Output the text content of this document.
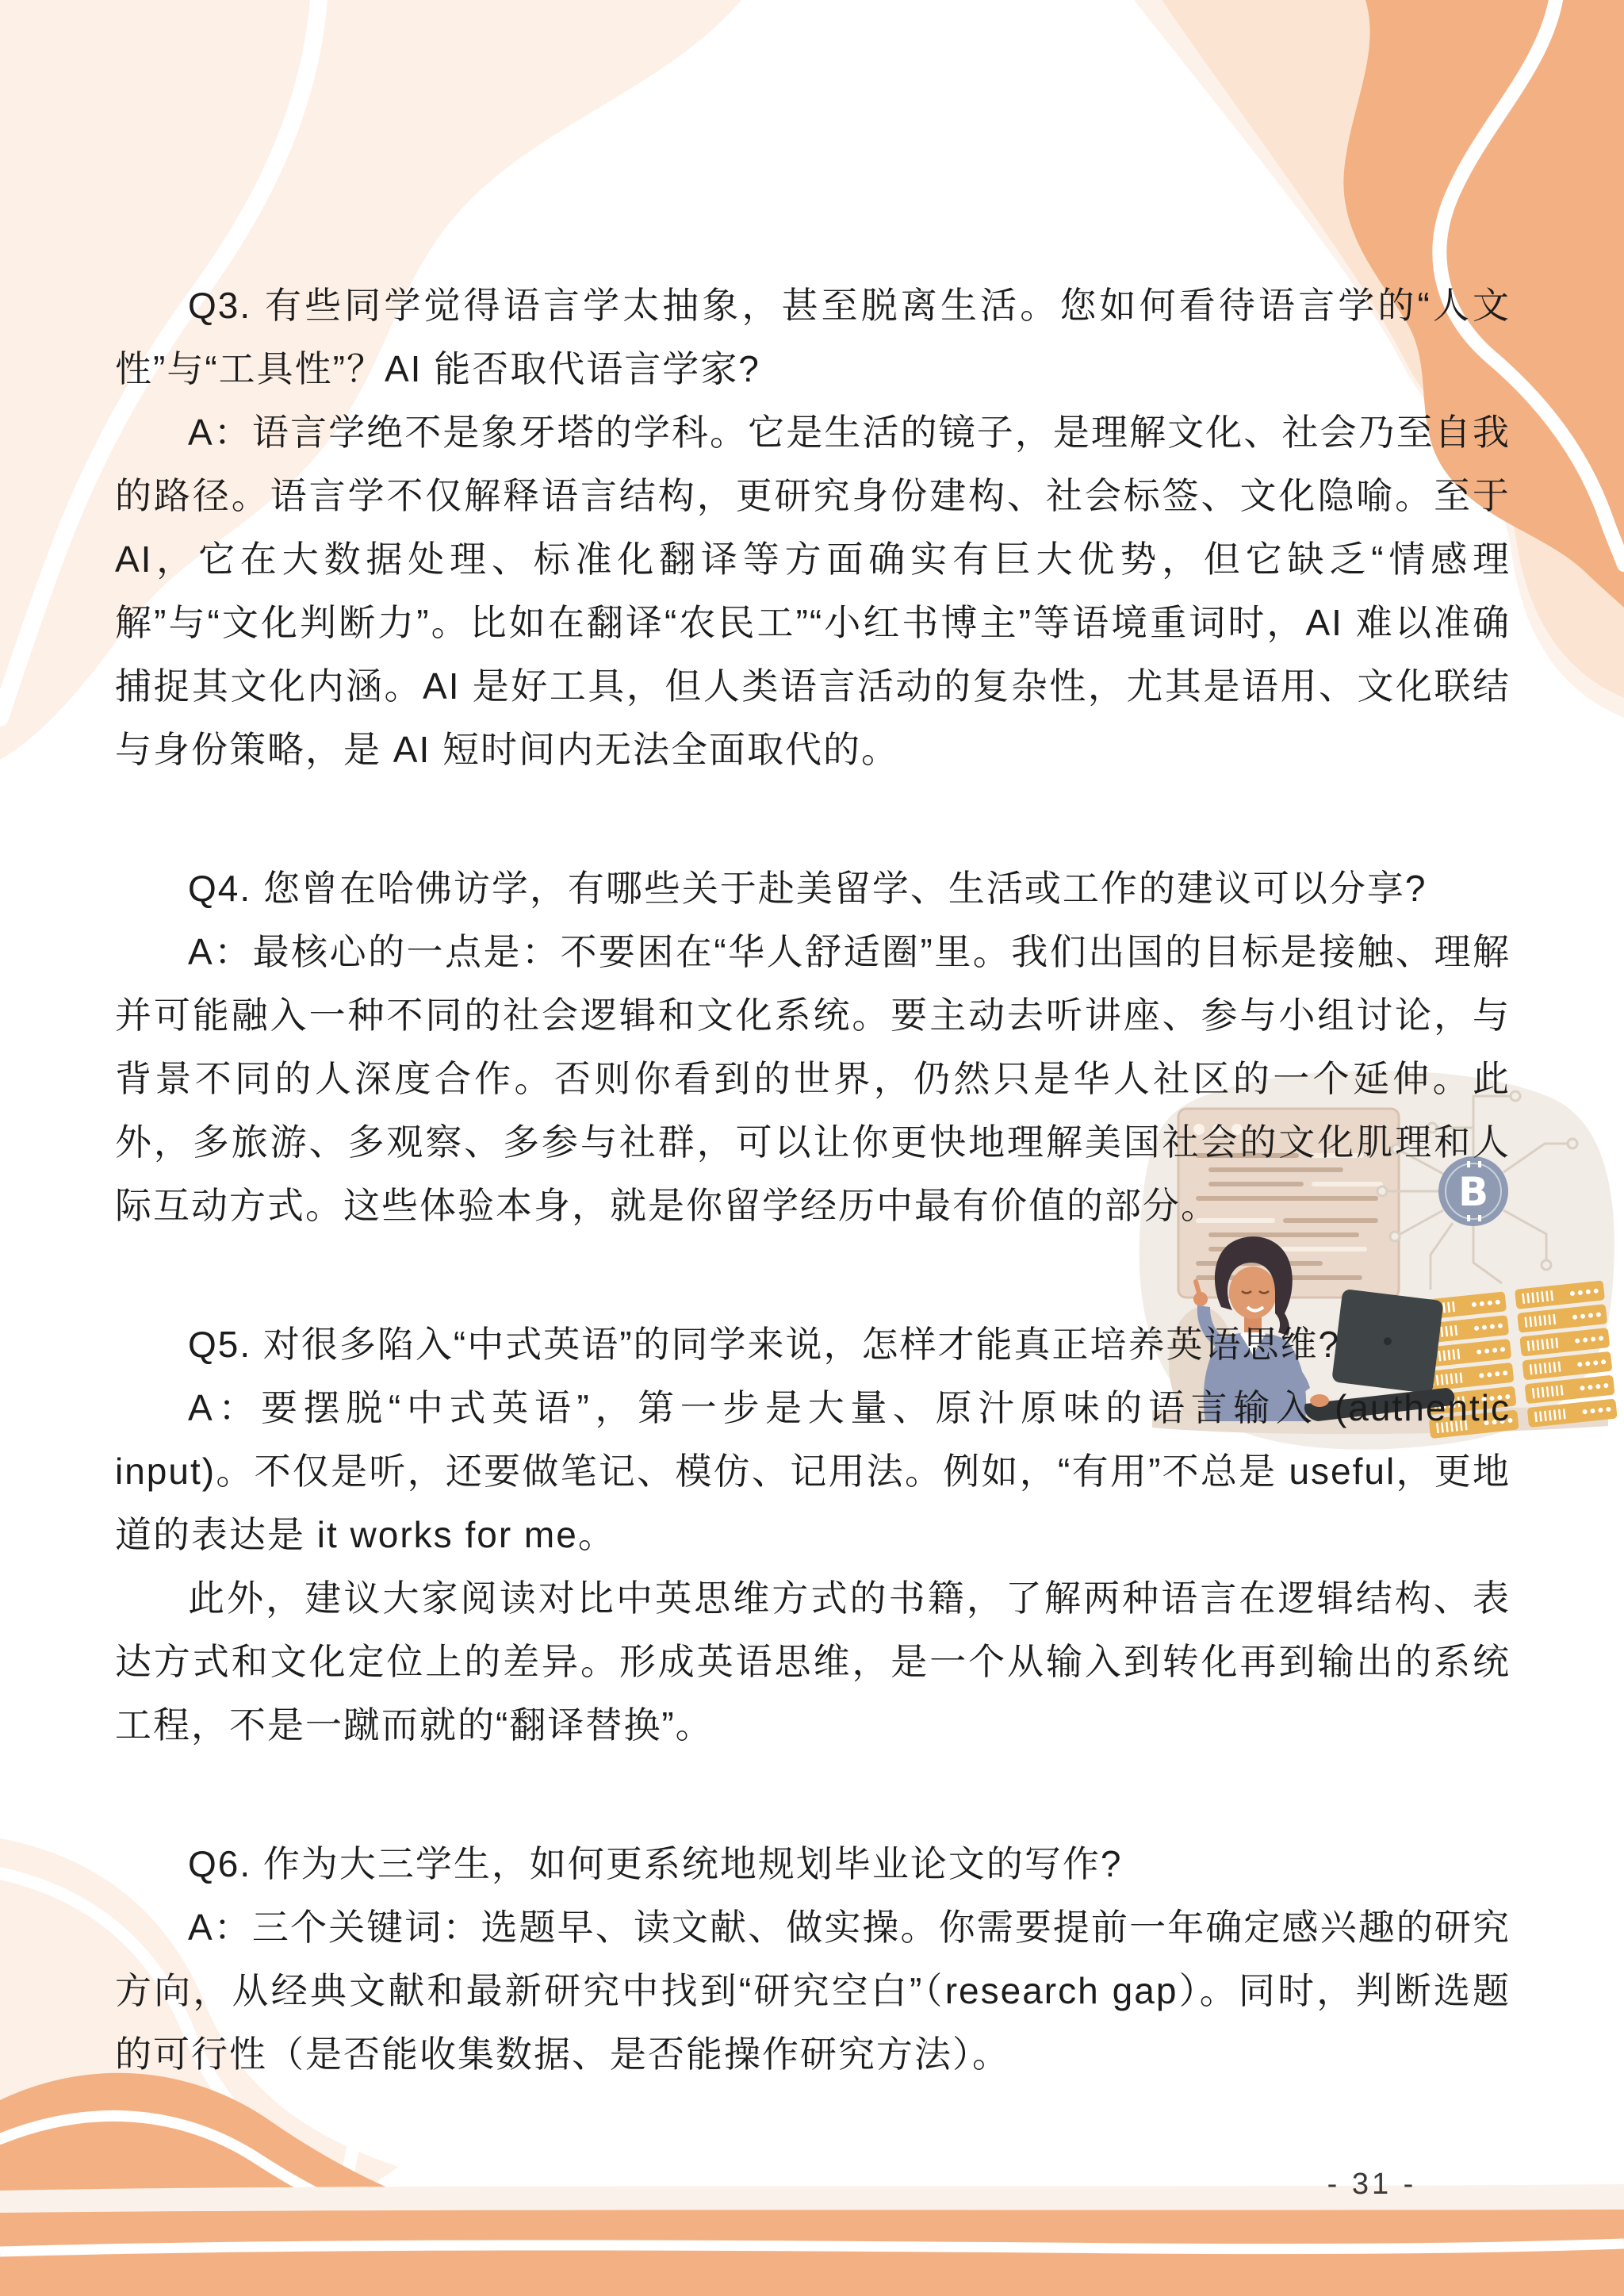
B

Q3. 有些同学觉得语言学太抽象，甚至脱离生活。您如何看待语言学的“人文性”与“工具性”？AI 能否取代语言学家?

A：语言学绝不是象牙塔的学科。它是生活的镜子，是理解文化、社会乃至自我的路径。语言学不仅解释语言结构，更研究身份建构、社会标签、文化隐喻。至于 AI，它在大数据处理、标准化翻译等方面确实有巨大优势，但它缺乏“情感理解”与“文化判断力”。比如在翻译“农民工”“小红书博主”等语境重词时，AI 难以准确捕捉其文化内涵。AI 是好工具，但人类语言活动的复杂性，尤其是语用、文化联结与身份策略，是 AI 短时间内无法全面取代的。

Q4. 您曾在哈佛访学，有哪些关于赴美留学、生活或工作的建议可以分享?

A：最核心的一点是：不要困在“华人舒适圈”里。我们出国的目标是接触、理解并可能融入一种不同的社会逻辑和文化系统。要主动去听讲座、参与小组讨论，与背景不同的人深度合作。否则你看到的世界，仍然只是华人社区的一个延伸。此外，多旅游、多观察、多参与社群，可以让你更快地理解美国社会的文化肌理和人际互动方式。这些体验本身，就是你留学经历中最有价值的部分。

Q5. 对很多陷入“中式英语”的同学来说，怎样才能真正培养英语思维?

A：要摆脱“中式英语”，第一步是大量、原汁原味的语言输入 (authentic input)。不仅是听，还要做笔记、模仿、记用法。例如，“有用”不总是 useful，更地道的表达是 it works for me。

此外，建议大家阅读对比中英思维方式的书籍，了解两种语言在逻辑结构、表达方式和文化定位上的差异。形成英语思维，是一个从输入到转化再到输出的系统工程，不是一蹴而就的“翻译替换”。

Q6. 作为大三学生，如何更系统地规划毕业论文的写作?

A：三个关键词：选题早、读文献、做实操。你需要提前一年确定感兴趣的研究方向，从经典文献和最新研究中找到“研究空白”（research gap）。同时，判断选题的可行性（是否能收集数据、是否能操作研究方法）。

- 31 -
